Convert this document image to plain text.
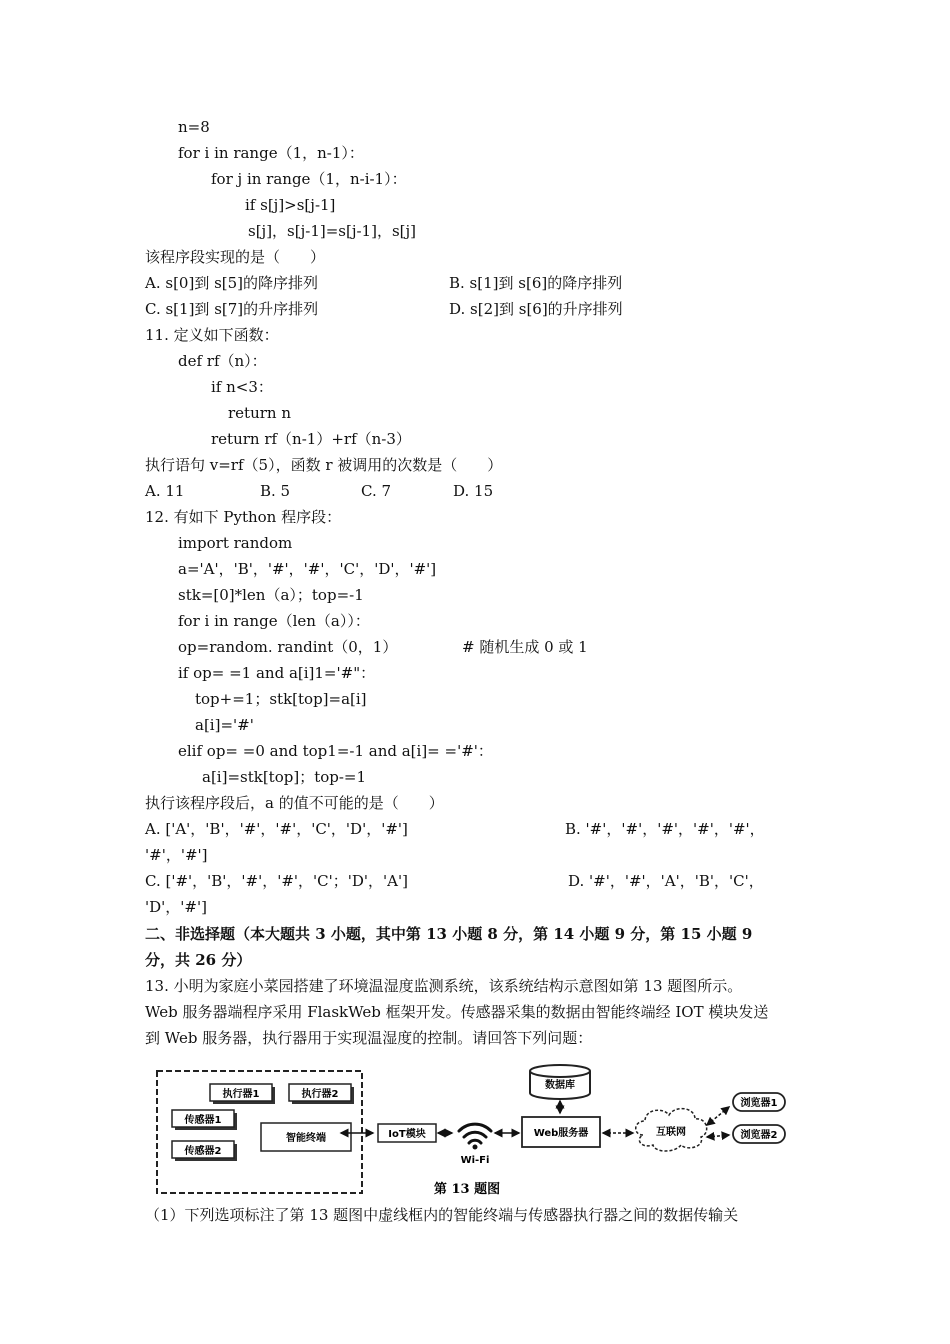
n=8
for i in range（1，n-1）：
for j in range（1，n-i-1）：
if s[j]>s[j-1]
s[j]，s[j-1]=s[j-1]，s[j]
该程序段实现的是（　　）
A. s[0]到 s[5]的降序排列	B. s[1]到 s[6]的降序排列
C. s[1]到 s[7]的升序排列	D. s[2]到 s[6]的升序排列
11. 定义如下函数：
def rf（n）：
if n<3：
return n
return rf（n-1）+rf（n-3）
执行语句 v=rf（5），函数 r 被调用的次数是（　　）
A. 11	B. 5	C. 7	D. 15
12. 有如下 Python 程序段：
import random
a='A'，'B'，'#'，'#'，'C'，'D'，'#']
stk=[0]*len（a）；top=-1
for i in range（len（a））：
op=random. randint（0，1）	# 随机生成 0 或 1
if op= =1 and a[i]1='#"：
top+=1；stk[top]=a[i]
a[i]='#'
elif op= =0 and top1=-1 and a[i]= ='#'：
a[i]=stk[top]；top-=1
执行该程序段后，a 的值不可能的是（　　）
A. ['A'，'B'，'#'，'#'，'C'，'D'，'#']	B. '#'，'#'，'#'，'#'，'#'，
'#'，'#']
C. ['#'，'B'，'#'，'#'，'C'；'D'，'A']	D. '#'，'#'，'A'，'B'，'C'，
'D'，'#']
二、非选择题（本大题共 3 小题，其中第 13 小题 8 分，第 14 小题 9 分，第 15 小题 9
分，共 26 分）
13. 小明为家庭小菜园搭建了环境温湿度监测系统，该系统结构示意图如第 13 题图所示。
Web 服务器端程序采用 FlaskWeb 框架开发。传感器采集的数据由智能终端经 IOT 模块发送
到 Web 服务器，执行器用于实现温湿度的控制。请回答下列问题：
执行器1	执行器2
传感器1
传感器2
智能终端	IoT模块
Wi-Fi
数据库
Web服务器	互联网
浏览器1
浏览器2
第 13 题图
（1）下列选项标注了第 13 题图中虚线框内的智能终端与传感器执行器之间的数据传输关
